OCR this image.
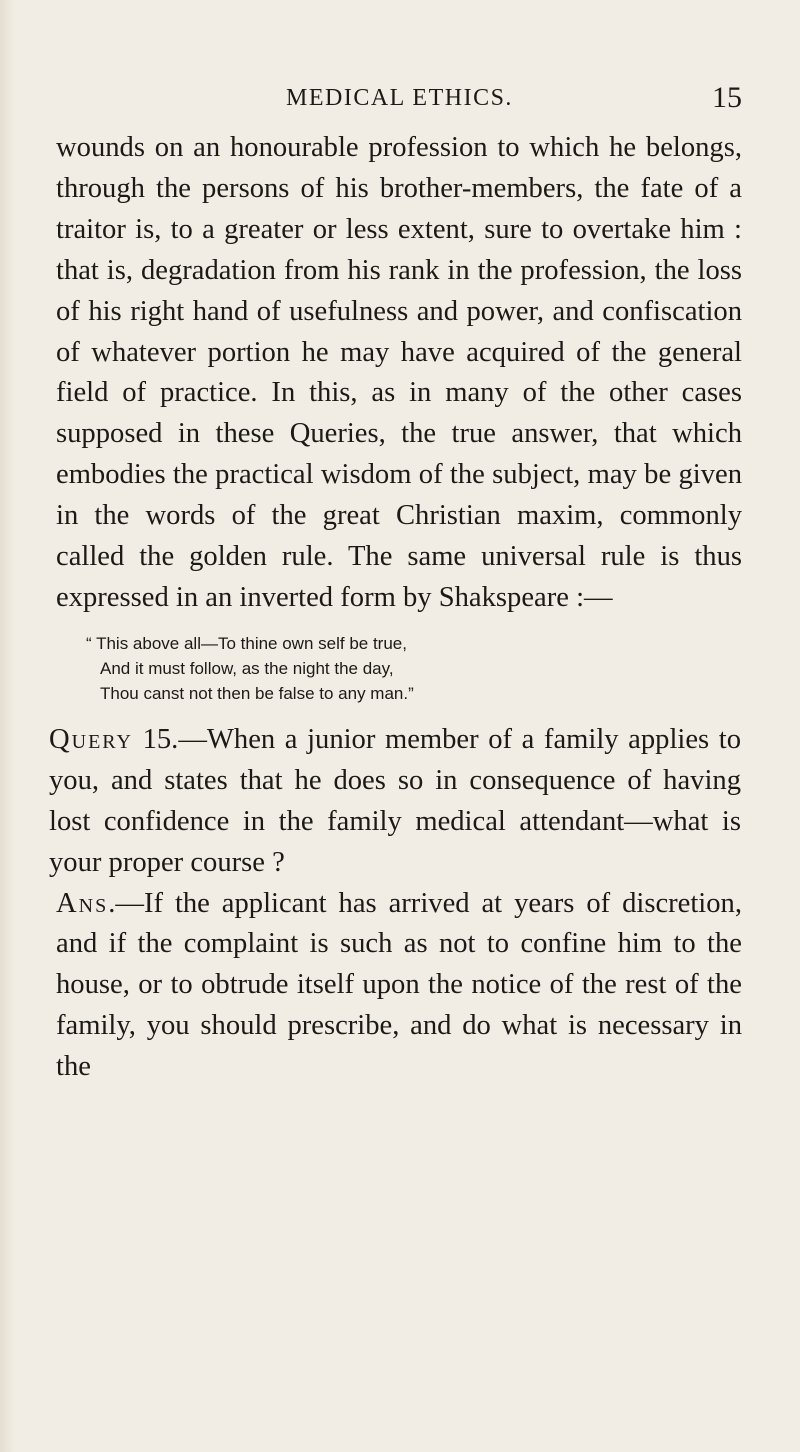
MEDICAL ETHICS.	15

wounds on an honourable profession to which he belongs, through the persons of his brother-members, the fate of a traitor is, to a greater or less extent, sure to overtake him : that is, degradation from his rank in the profession, the loss of his right hand of usefulness and power, and confiscation of whatever portion he may have acquired of the general field of practice. In this, as in many of the other cases supposed in these Queries, the true answer, that which embodies the practical wisdom of the subject, may be given in the words of the great Christian maxim, commonly called the golden rule. The same universal rule is thus expressed in an inverted form by Shakspeare :—

“ This above all—To thine own self be true,
And it must follow, as the night the day,
Thou canst not then be false to any man.”

Query 15.—When a junior member of a family applies to you, and states that he does so in consequence of having lost confidence in the family medical attendant—what is your proper course ?

Ans.—If the applicant has arrived at years of discretion, and if the complaint is such as not to confine him to the house, or to obtrude itself upon the notice of the rest of the family, you should prescribe, and do what is necessary in the
